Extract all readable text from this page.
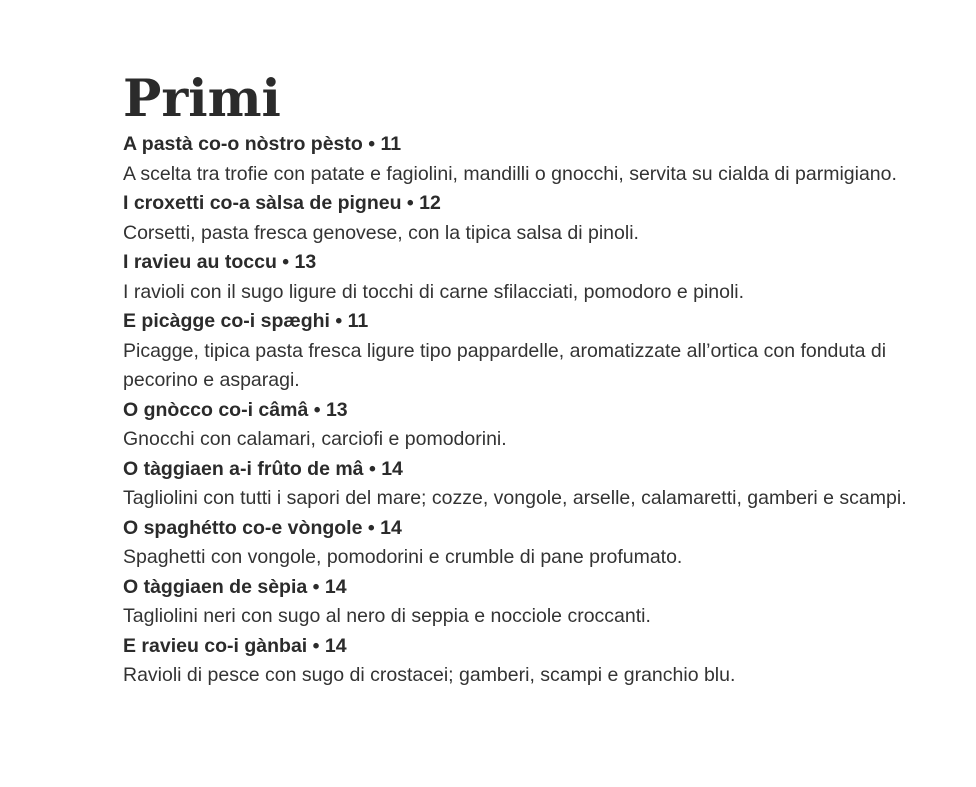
Primi
A pastà co-o nòstro pèsto • 11
A scelta tra trofie con patate e fagiolini, mandilli o gnocchi, servita su cialda di parmigiano.
I croxetti co-a sàlsa de pigneu • 12
Corsetti, pasta fresca genovese, con la tipica salsa di pinoli.
I ravieu au toccu • 13
I ravioli con il sugo ligure di tocchi di carne sfilacciati, pomodoro e pinoli.
E picàgge co-i spæghi • 11
Picagge, tipica pasta fresca ligure tipo pappardelle, aromatizzate all’ortica con fonduta di pecorino e asparagi.
O gnòcco co-i câmâ • 13
Gnocchi con calamari, carciofi e pomodorini.
O tàggiaen a-i frûto de mâ • 14
Tagliolini con tutti i sapori del mare; cozze, vongole, arselle, calamaretti, gamberi e scampi.
O spaghétto co-e vòngole • 14
Spaghetti con vongole, pomodorini e crumble di pane profumato.
O tàggiaen de sèpia • 14
Tagliolini neri con sugo al nero di seppia e nocciole croccanti.
E ravieu co-i gànbai • 14
Ravioli di pesce con sugo di crostacei; gamberi, scampi e granchio blu.
